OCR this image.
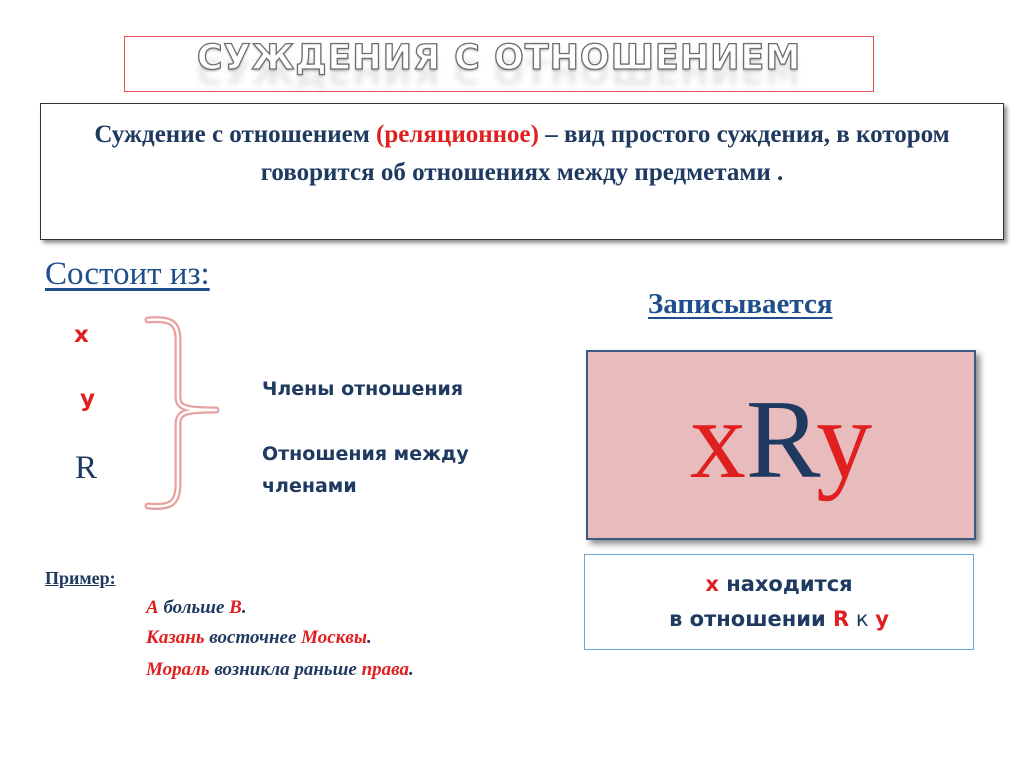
СУЖДЕНИЯ С ОТНОШЕНИЕМ
Суждение с отношением (реляционное) – вид простого суждения, в котором говорится об отношениях между предметами .
Состоит из:
x
y
R
Члены отношения
Отношения между членами
Пример:
А больше В.
Казань восточнее Москвы.
Мораль возникла раньше права.
Записывается
xRy
х находится
в отношении R к y
